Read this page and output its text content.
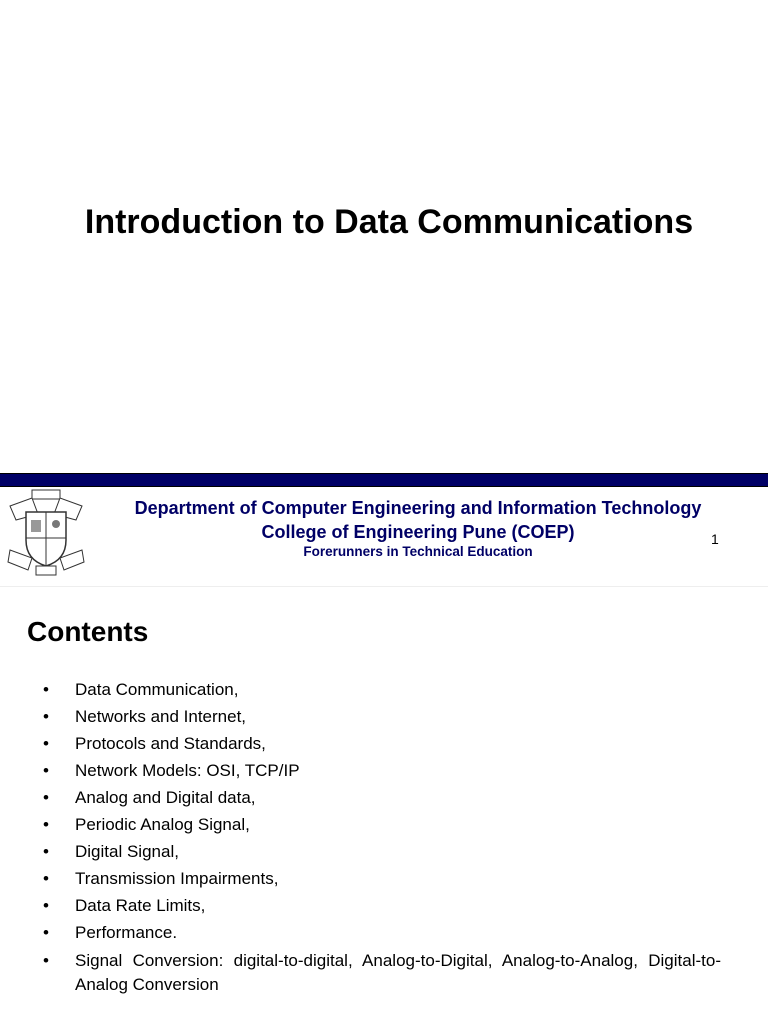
Introduction to Data Communications
Department of Computer Engineering and Information Technology
College of Engineering Pune (COEP)
Forerunners in Technical Education
1
Contents
• Data Communication,
• Networks and Internet,
• Protocols and Standards,
• Network Models: OSI, TCP/IP
• Analog and Digital data,
• Periodic Analog Signal,
• Digital Signal,
• Transmission Impairments,
• Data Rate Limits,
• Performance.
• Signal Conversion: digital-to-digital, Analog-to-Digital, Analog-to-Analog, Digital-to-Analog Conversion
